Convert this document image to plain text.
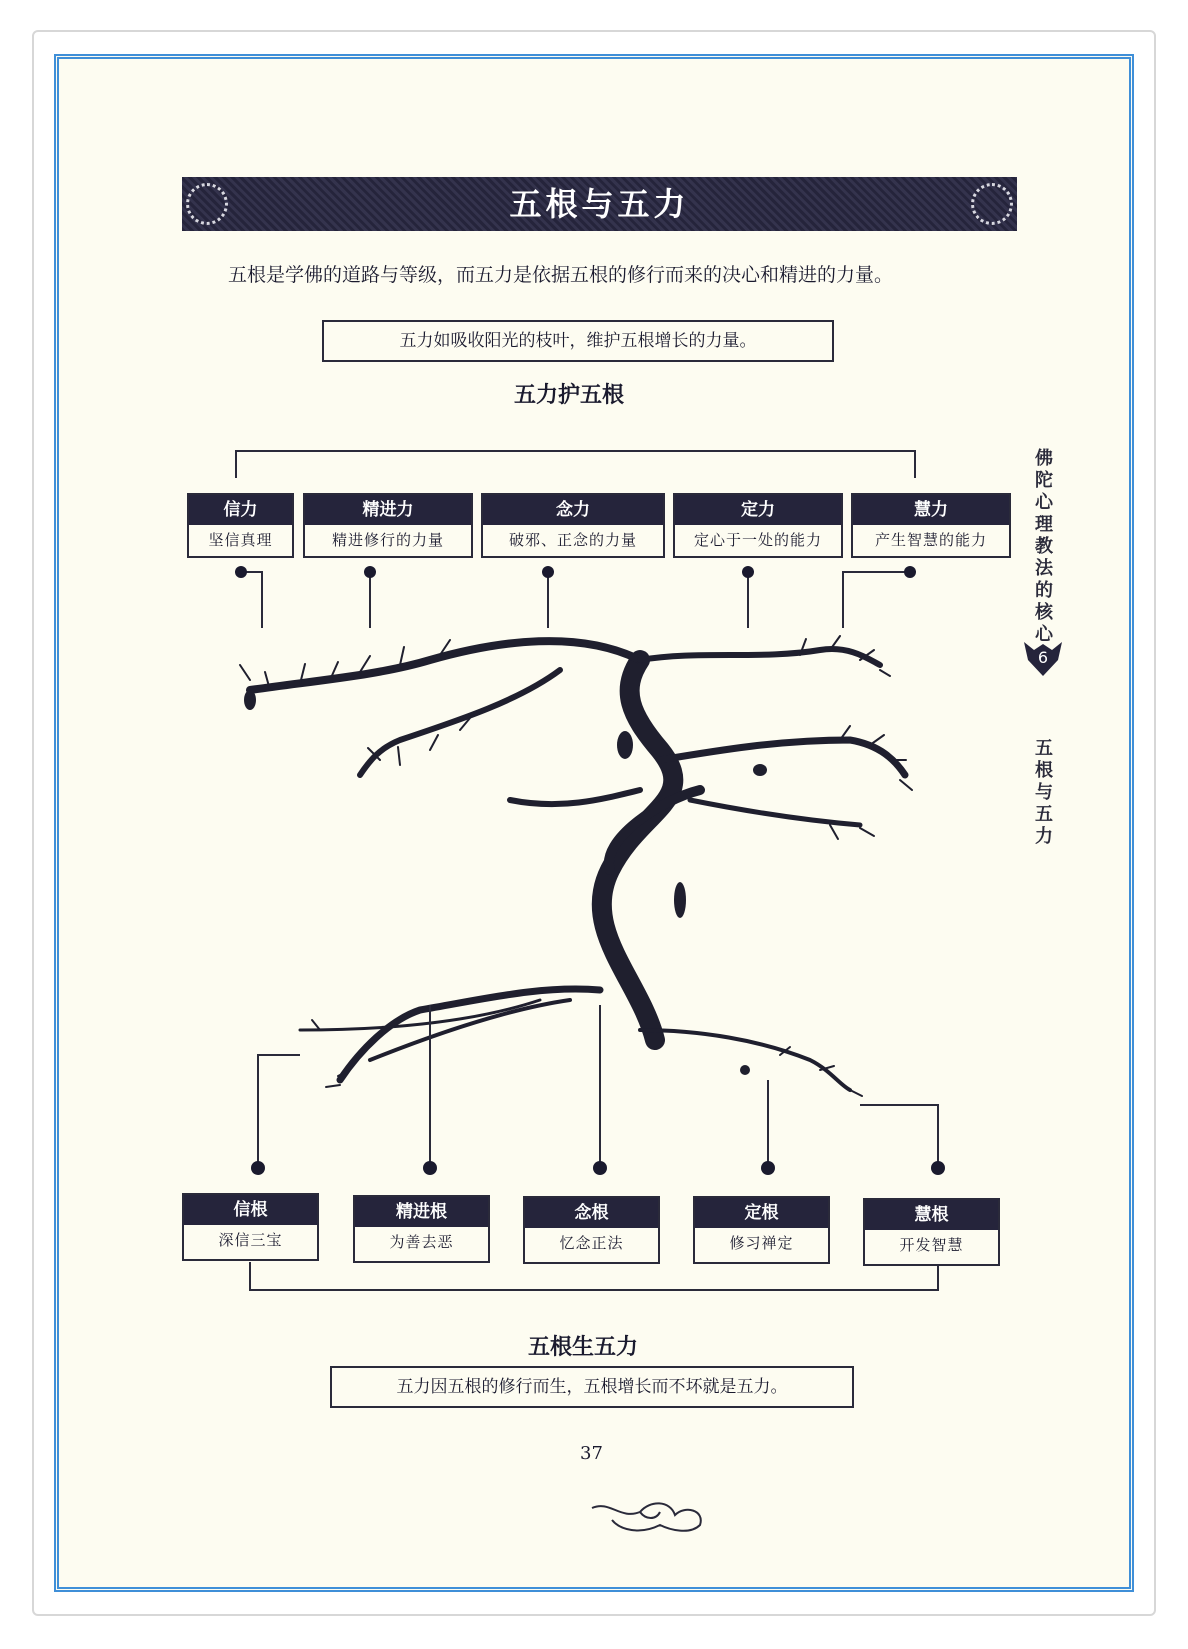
五根与五力
五根是学佛的道路与等级，而五力是依据五根的修行而来的决心和精进的力量。
五力如吸收阳光的枝叶，维护五根增长的力量。
五力护五根
信力
坚信真理
精进力
精进修行的力量
念力
破邪、正念的力量
定力
定心于一处的能力
慧力
产生智慧的能力
信根
深信三宝
精进根
为善去恶
念根
忆念正法
定根
修习禅定
慧根
开发智慧
五根生五力
五力因五根的修行而生，五根增长而不坏就是五力。
佛陀心理教法的核心
6
五根与五力
37
